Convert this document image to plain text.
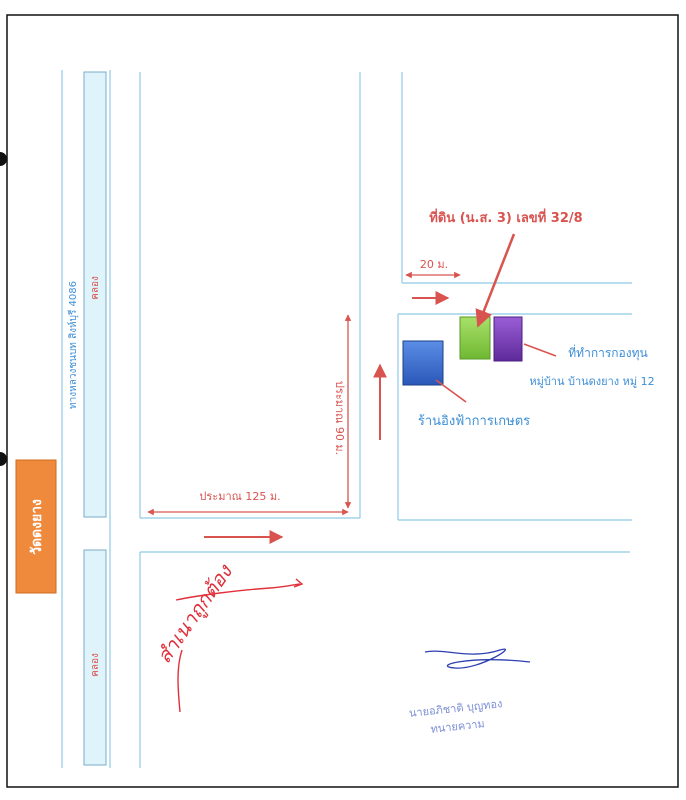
วัดดงยาง
ทางหลวงชนบท สิงห์บุรี 4086 คลอง
คลอง
ประมาณ 125 ม.
ประมาณ 90 ม.
20 ม.
ที่ดิน (น.ส. 3) เลขที่ 32/8
ที่ทำการกองทุน
หมู่บ้าน บ้านดงยาง หมู่ 12
ร้านอิงฟ้าการเกษตร
สำเนาถูกต้อง
นายอภิชาติ บุญทอง
ทนายความ
